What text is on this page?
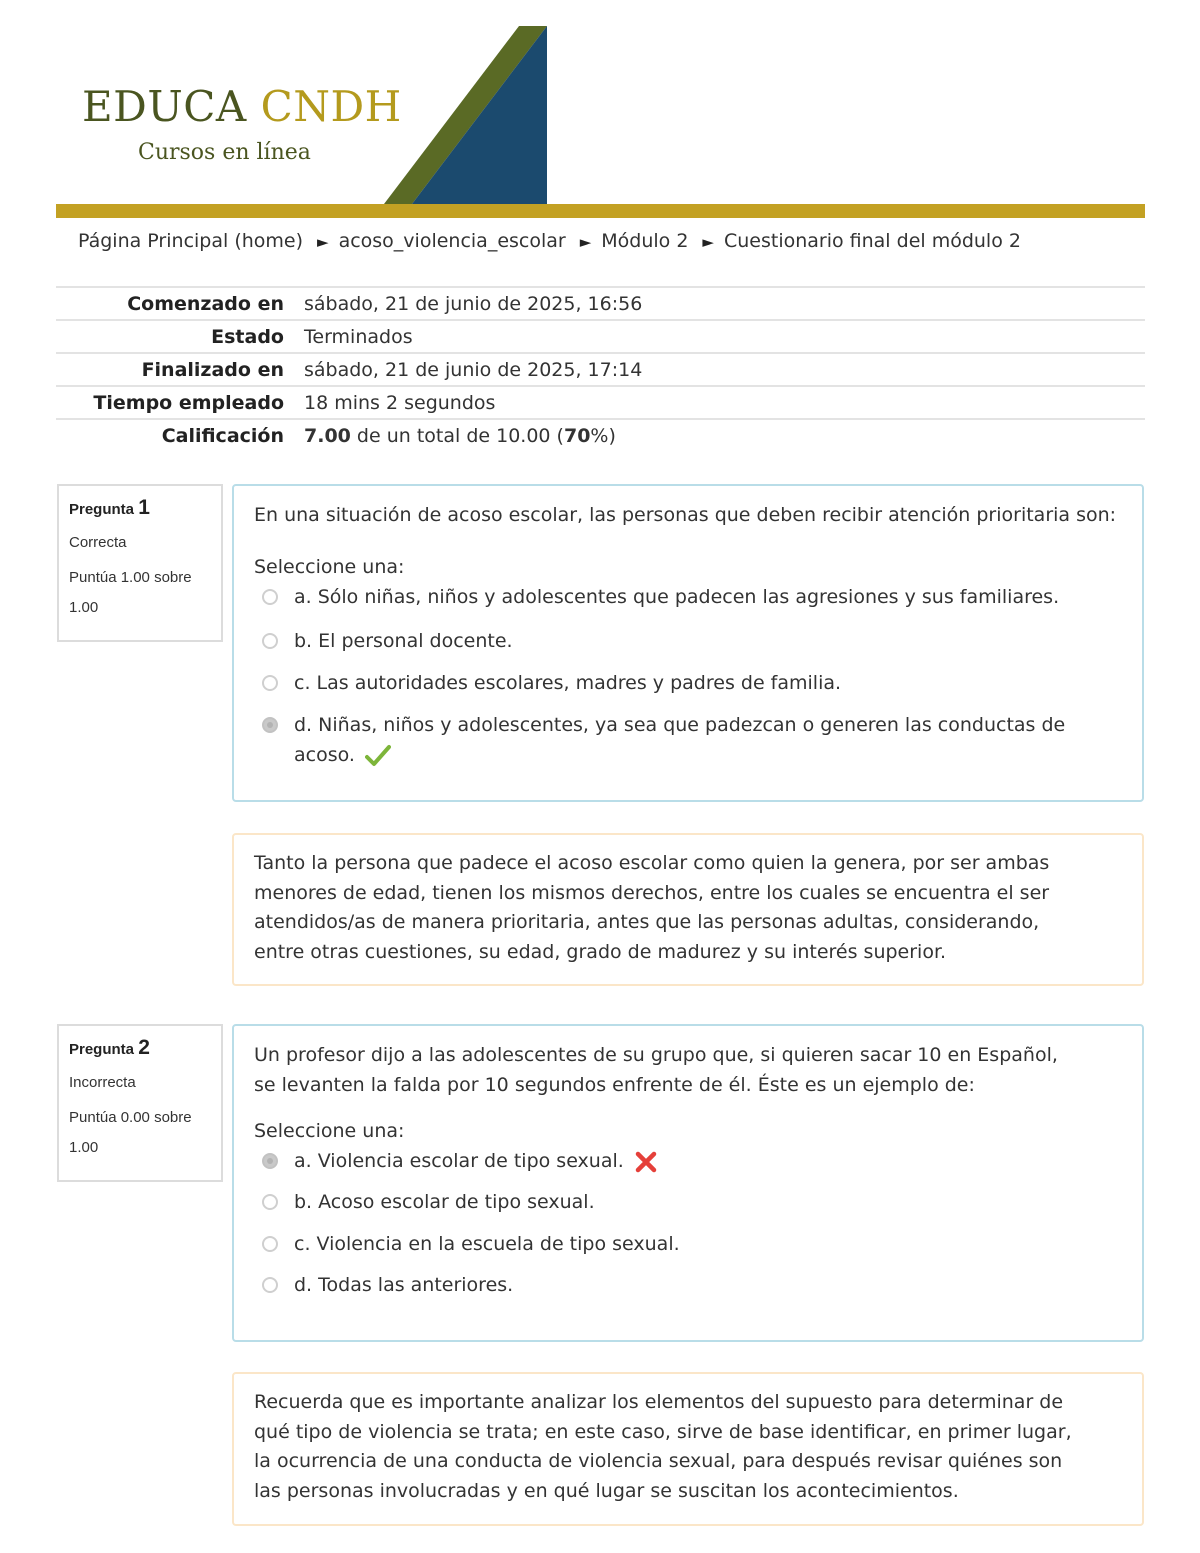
EDUCA CNDH
Cursos en línea
Página Principal (home) ► acoso_violencia_escolar ► Módulo 2 ► Cuestionario final del módulo 2
Comenzado en	sábado, 21 de junio de 2025, 16:56
Estado	Terminados
Finalizado en	sábado, 21 de junio de 2025, 17:14
Tiempo empleado	18 mins 2 segundos
Calificación	7.00 de un total de 10.00 (70%)
Pregunta 1
Correcta
Puntúa 1.00 sobre 1.00
En una situación de acoso escolar, las personas que deben recibir atención prioritaria son:
Seleccione una:
a. Sólo niñas, niños y adolescentes que padecen las agresiones y sus familiares.
b. El personal docente.
c. Las autoridades escolares, madres y padres de familia.
d. Niñas, niños y adolescentes, ya sea que padezcan o generen las conductas de acoso.
Tanto la persona que padece el acoso escolar como quien la genera, por ser ambas menores de edad, tienen los mismos derechos, entre los cuales se encuentra el ser atendidos/as de manera prioritaria, antes que las personas adultas, considerando, entre otras cuestiones, su edad, grado de madurez y su interés superior.
Pregunta 2
Incorrecta
Puntúa 0.00 sobre 1.00
Un profesor dijo a las adolescentes de su grupo que, si quieren sacar 10 en Español, se levanten la falda por 10 segundos enfrente de él. Éste es un ejemplo de:
Seleccione una:
a. Violencia escolar de tipo sexual.
b. Acoso escolar de tipo sexual.
c. Violencia en la escuela de tipo sexual.
d. Todas las anteriores.
Recuerda que es importante analizar los elementos del supuesto para determinar de qué tipo de violencia se trata; en este caso, sirve de base identificar, en primer lugar, la ocurrencia de una conducta de violencia sexual, para después revisar quiénes son las personas involucradas y en qué lugar se suscitan los acontecimientos.
